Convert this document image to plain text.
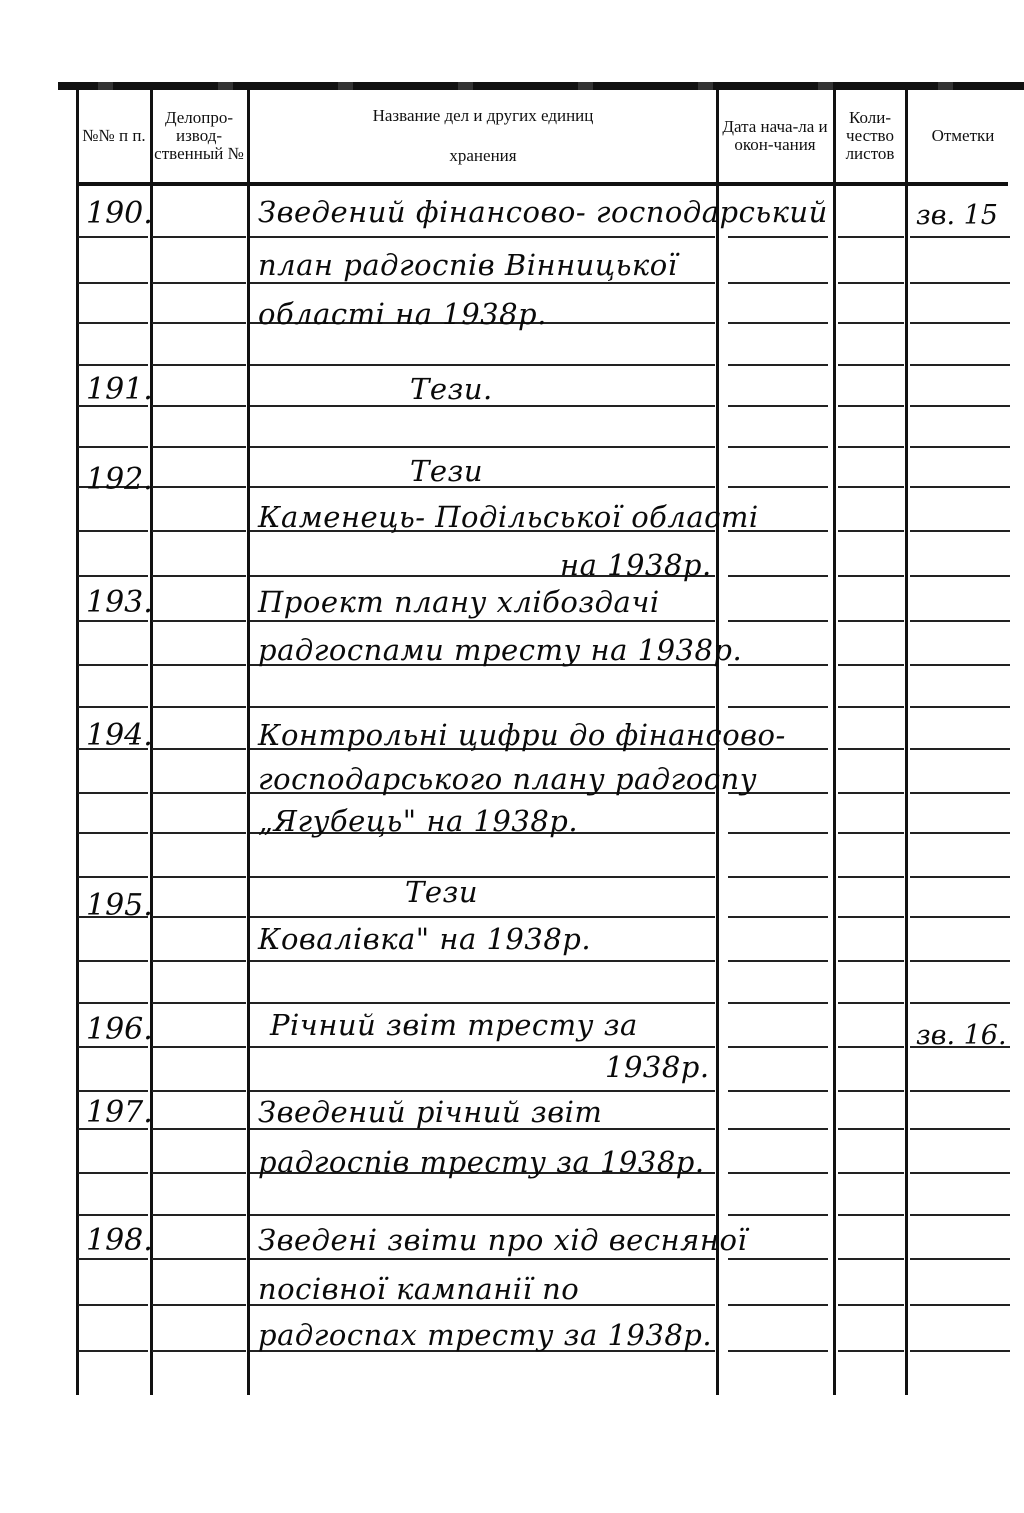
№№ п п.
Делопро-извод-ственный №
Название дел и других единиц
хранения
Дата нача-ла и окон-чания
Коли-чество листов
Отметки
190.
191.
192.
193.
194.
195.
196.
197.
198.
Зведений фінансово- господарський
план радгоспів Вінницької
області на 1938р.
Тези.
Тези
Каменець- Подільської області
на 1938р.
Проект плану хлібоздачі
радгоспами тресту на 1938р.
Контрольні цифри до фінансово-
господарського плану радгоспу
„Ягубець" на 1938р.
Тези
Ковалівка" на 1938р.
Річний звіт тресту за
1938р.
Зведений річний звіт
радгоспів тресту за 1938р.
Зведені звіти про хід весняної
посівної кампанії по
радгоспах тресту за 1938р.
зв. 15
зв. 16.
